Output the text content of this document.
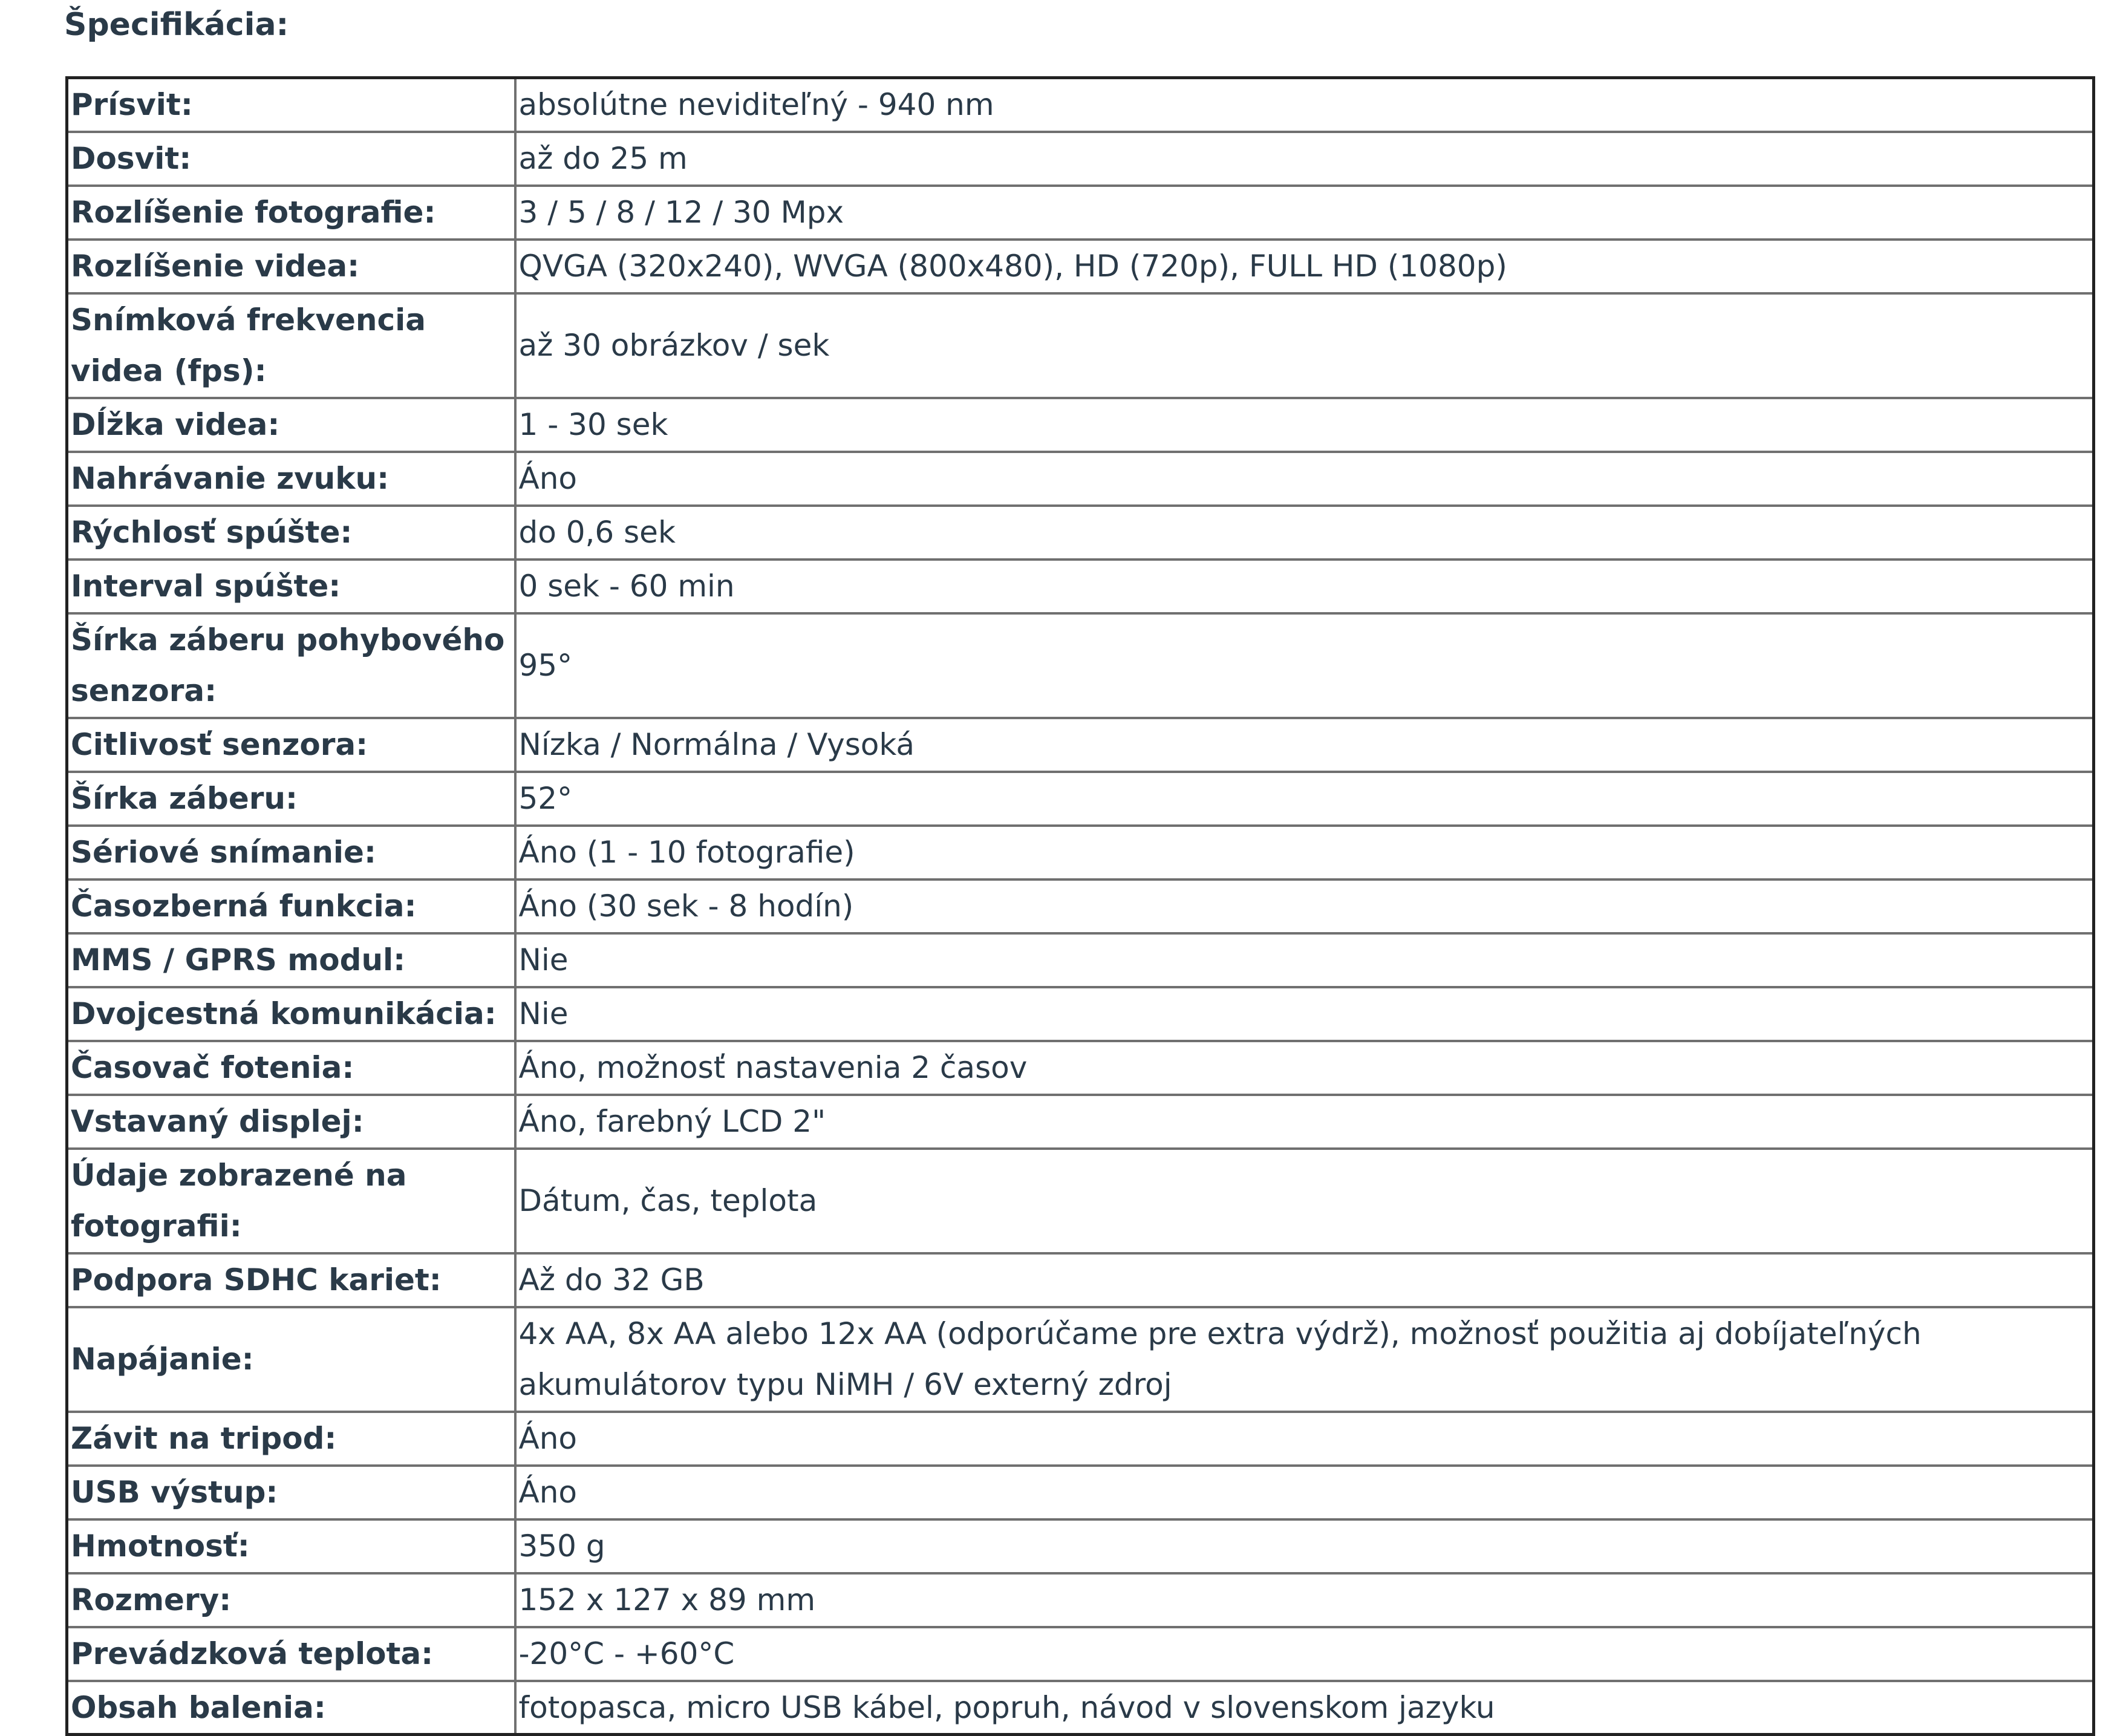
Špecifikácia:
Prísvit:	absolútne neviditeľný - 940 nm
Dosvit:	až do 25 m
Rozlíšenie fotografie:	3 / 5 / 8 / 12 / 30 Mpx
Rozlíšenie videa:	QVGA (320x240), WVGA (800x480), HD (720p), FULL HD (1080p)
Snímková frekvencia videa (fps):	až 30 obrázkov / sek
Dĺžka videa:	1 - 30 sek
Nahrávanie zvuku:	Áno
Rýchlosť spúšte:	do 0,6 sek
Interval spúšte:	0 sek - 60 min
Šírka záberu pohybového senzora:	95°
Citlivosť senzora:	Nízka / Normálna / Vysoká
Šírka záberu:	52°
Sériové snímanie:	Áno (1 - 10 fotografie)
Časozberná funkcia:	Áno (30 sek - 8 hodín)
MMS / GPRS modul:	Nie
Dvojcestná komunikácia:	Nie
Časovač fotenia:	Áno, možnosť nastavenia 2 časov
Vstavaný displej:	Áno, farebný LCD 2"
Údaje zobrazené na fotografii:	Dátum, čas, teplota
Podpora SDHC kariet:	Až do 32 GB
Napájanie:	4x AA, 8x AA alebo 12x AA (odporúčame pre extra výdrž), možnosť použitia aj dobíjateľných akumulátorov typu NiMH / 6V externý zdroj
Závit na tripod:	Áno
USB výstup:	Áno
Hmotnosť:	350 g
Rozmery:	152 x 127 x 89 mm
Prevádzková teplota:	-20°C - +60°C
Obsah balenia:	fotopasca, micro USB kábel, popruh, návod v slovenskom jazyku
